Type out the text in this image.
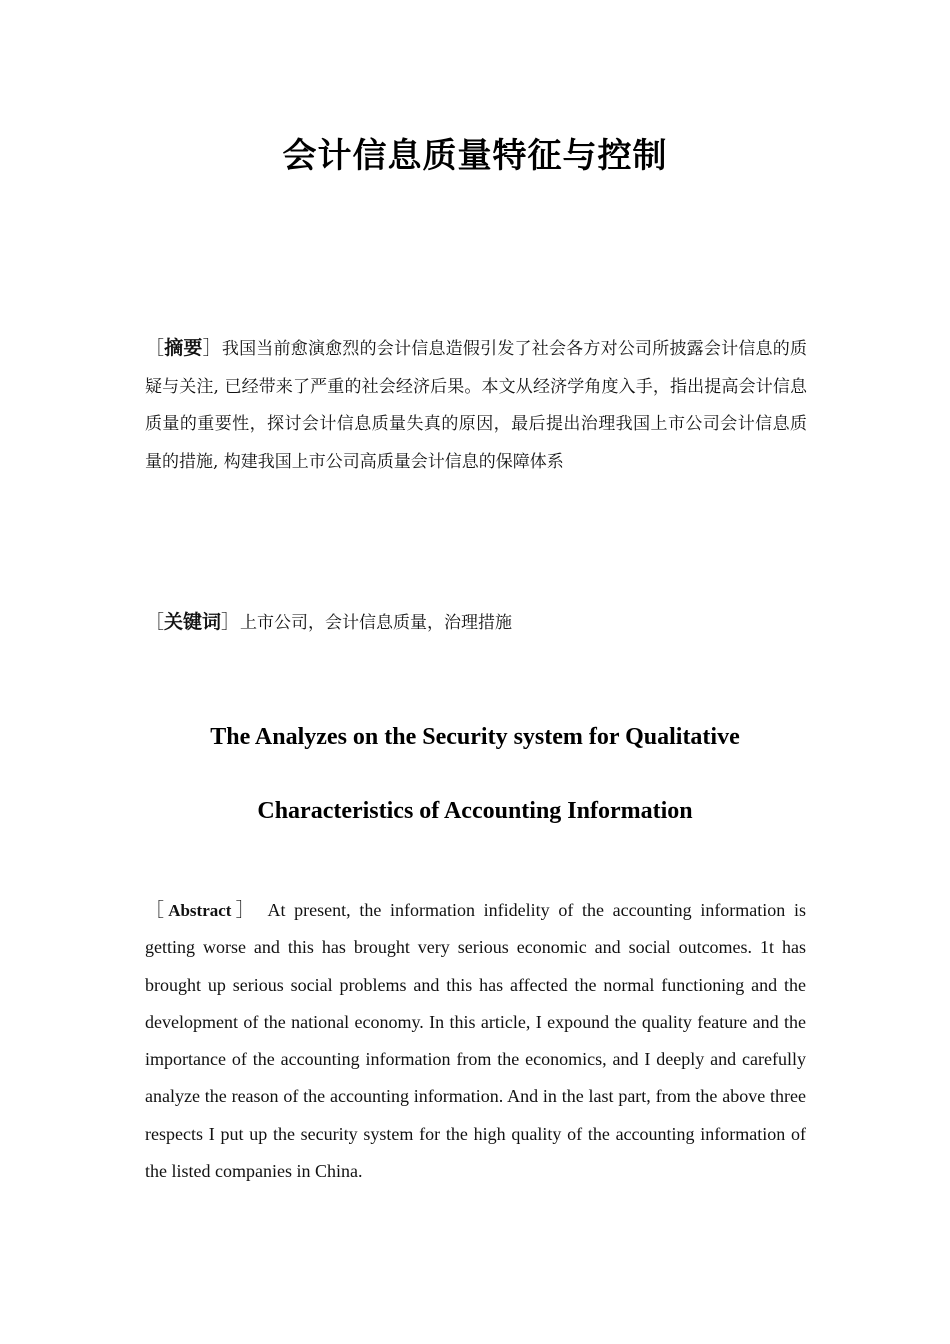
会计信息质量特征与控制
［摘要］我国当前愈演愈烈的会计信息造假引发了社会各方对公司所披露会计信息的质疑与关注, 已经带来了严重的社会经济后果。本文从经济学角度入手，指出提高会计信息质量的重要性，探讨会计信息质量失真的原因，最后提出治理我国上市公司会计信息质量的措施, 构建我国上市公司高质量会计信息的保障体系
［关键词］上市公司，会计信息质量，治理措施
The Analyzes on the Security system for Qualitative
Characteristics of Accounting Information
［Abstract］ At present, the information infidelity of the accounting information is getting worse and this has brought very serious economic and social outcomes. 1t has brought up serious social problems and this has affected the normal functioning and the development of the national economy. In this article, I expound the quality feature and the importance of the accounting information from the economics, and I deeply and carefully analyze the reason of the accounting information. And in the last part, from the above three respects I put up the security system for the high quality of the accounting information of the listed companies in China.
